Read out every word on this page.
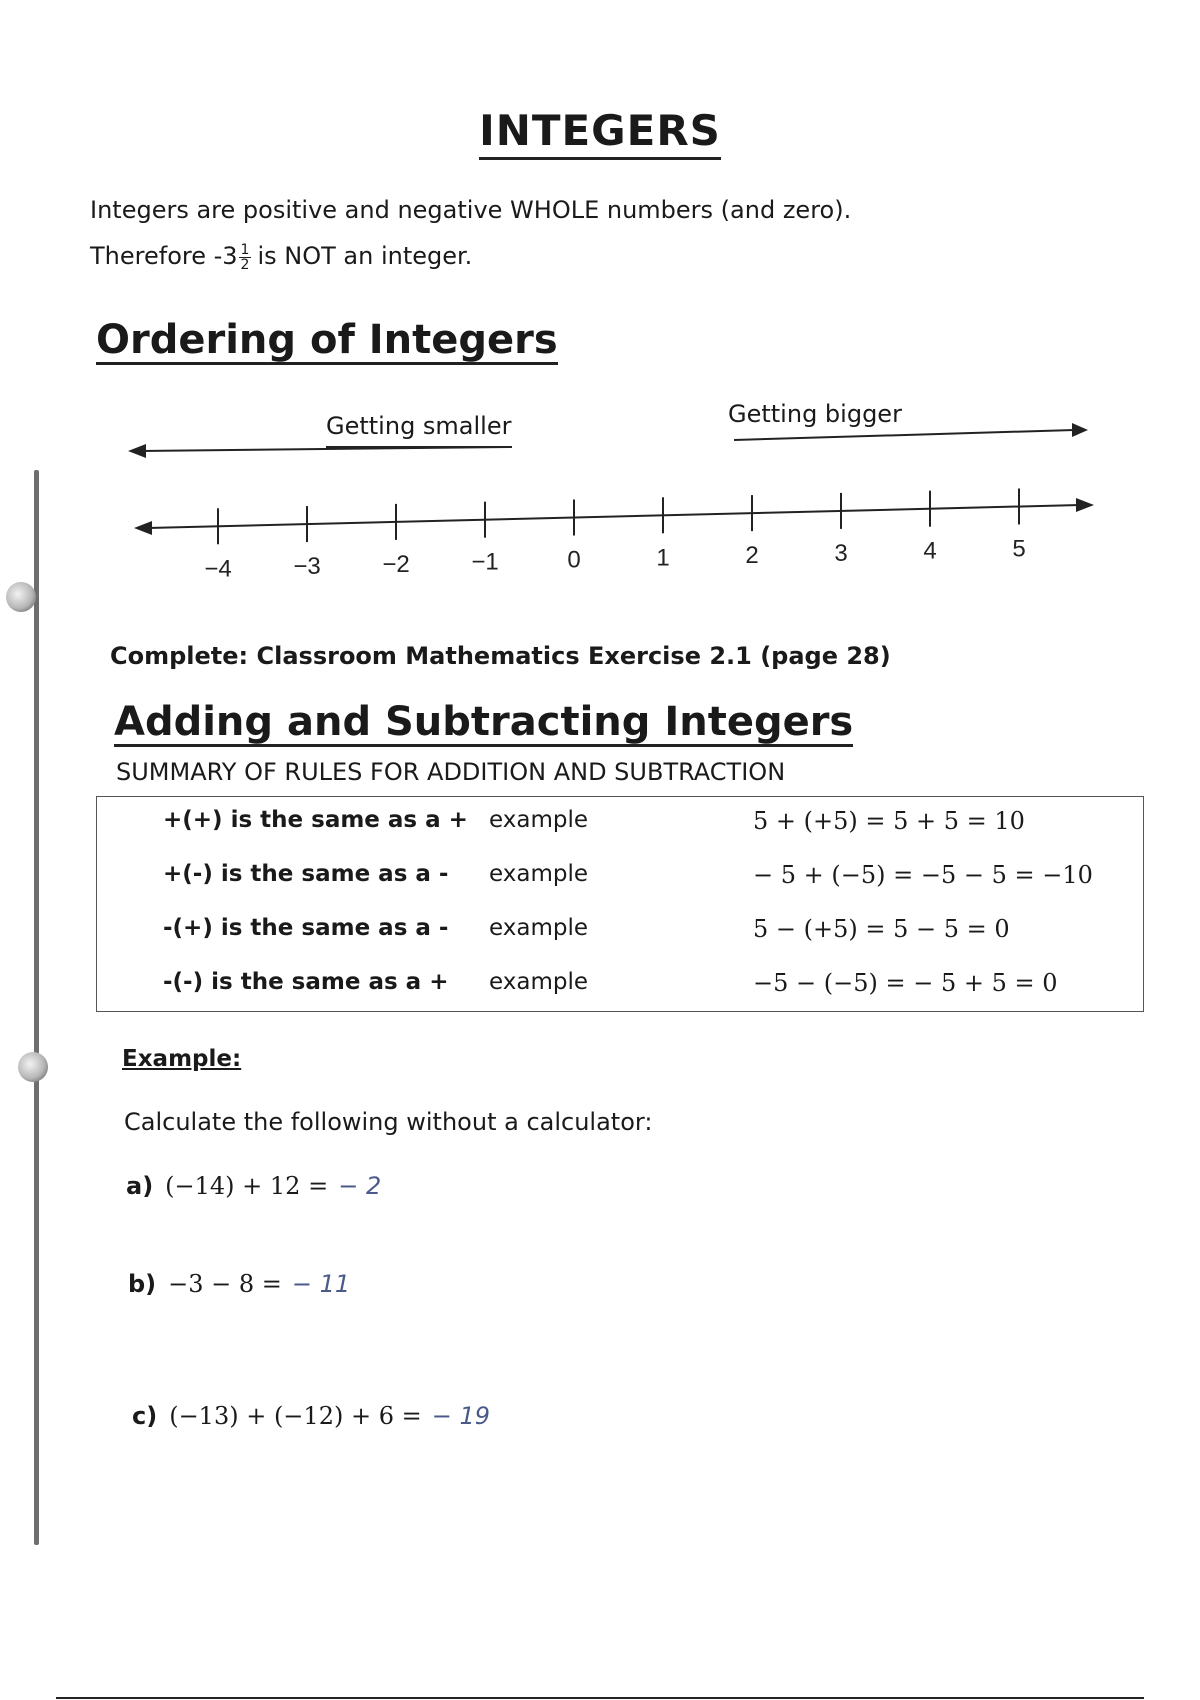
INTEGERS

Integers are positive and negative WHOLE numbers (and zero).

Therefore $-3 \frac{1}{2}$ is NOT an integer.

Ordering of Integers
Getting smaller	Getting bigger
−4	−3	−2	−1	0	1	2	3	4	5

Complete: Classroom Mathematics Exercise 2.1 (page 28)

Adding and Subtracting Integers

SUMMARY OF RULES FOR ADDITION AND SUBTRACTION

+(+) is the same as a + example	5 + (+5) = 5 + 5 = 10
+(-) is the same as a - example	− 5 + (−5) = −5 − 5 = −10
-(+) is the same as a - example	5 − (+5) = 5 − 5 = 0
-(-) is the same as a + example	−5 − (−5) = − 5 + 5 = 0

Example:

Calculate the following without a calculator:

a) (−14) + 12 = − 2

b) −3 − 8 = − 11

c) (−13) + (−12) + 6 = − 19
